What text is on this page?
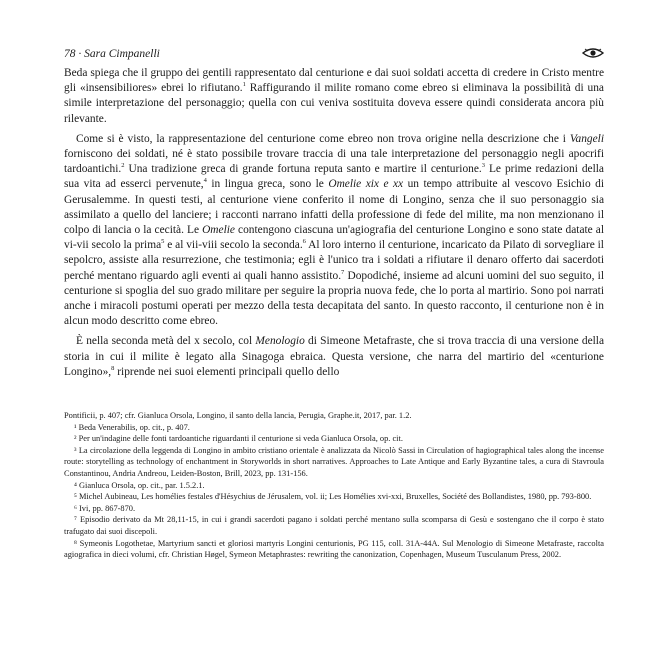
78 · Sara Cimpanelli

Beda spiega che il gruppo dei gentili rappresentato dal centurione e dai suoi soldati accetta di credere in Cristo mentre gli «insensibiliores» ebrei lo rifiutano.$^1$ Raffigurando il milite romano come ebreo si eliminava la possibilità di una simile interpretazione del personaggio; quella con cui veniva sostituita doveva essere quindi considerata ancora più rilevante.

Come si è visto, la rappresentazione del centurione come ebreo non trova origine nella descrizione che i Vangeli forniscono dei soldati, né è stato possibile trovare traccia di una tale interpretazione del personaggio negli apocrifi tardoantichi.$^2$ Una tradizione greca di grande fortuna reputa santo e martire il centurione.$^3$ Le prime redazioni della sua vita ad esserci pervenute,$^4$ in lingua greca, sono le Omelie xix e xx un tempo attribuite al vescovo Esichio di Gerusalemme. In questi testi, al centurione viene conferito il nome di Longino, senza che il suo personaggio sia assimilato a quello del lanciere; i racconti narrano infatti della professione di fede del milite, ma non menzionano il colpo di lancia o la cecità. Le Omelie contengono ciascuna un'agiografia del centurione Longino e sono state datate al vi-vii secolo la prima$^5$ e al vii-viii secolo la seconda.$^6$ Al loro interno il centurione, incaricato da Pilato di sorvegliare il sepolcro, assiste alla resurrezione, che testimonia; egli è l'unico tra i soldati a rifiutare il denaro offerto dai sacerdoti perché mentano riguardo agli eventi ai quali hanno assistito.$^7$ Dopodiché, insieme ad alcuni uomini del suo seguito, il centurione si spoglia del suo grado militare per seguire la propria nuova fede, che lo porta al martirio. Sono poi narrati anche i miracoli postumi operati per mezzo della testa decapitata del santo. In questo racconto, il centurione non è in alcun modo descritto come ebreo.

È nella seconda metà del x secolo, col Menologio di Simeone Metafraste, che si trova traccia di una versione della storia in cui il milite è legato alla Sinagoga ebraica. Questa versione, che narra del martirio del «centurione Longino»,$^8$ riprende nei suoi elementi principali quello dello

Pontificii, p. 407; cfr. Gianluca Orsola, Longino, il santo della lancia, Perugia, Graphe.it, 2017, par. 1.2.

¹ Beda Venerabilis, op. cit., p. 407.

² Per un'indagine delle fonti tardoantiche riguardanti il centurione si veda Gianluca Orsola, op. cit.

³ La circolazione della leggenda di Longino in ambito cristiano orientale è analizzata da Nicolò Sassi in Circulation of hagiographical tales along the incense route: storytelling as technology of enchantment in Storyworlds in short narratives. Approaches to Late Antique and Early Byzantine tales, a cura di Stavroula Constantinou, Andria Andreou, Leiden-Boston, Brill, 2023, pp. 131-156.

⁴ Gianluca Orsola, op. cit., par. 1.5.2.1.

⁵ Michel Aubineau, Les homélies festales d'Hésychius de Jérusalem, vol. ii; Les Homélies xvi-xxi, Bruxelles, Société des Bollandistes, 1980, pp. 793-800.

⁶ Ivi, pp. 867-870.

⁷ Episodio derivato da Mt 28,11-15, in cui i grandi sacerdoti pagano i soldati perché mentano sulla scomparsa di Gesù e sostengano che il corpo è stato trafugato dai suoi discepoli.

⁸ Symeonis Logothetae, Martyrium sancti et gloriosi martyris Longini centurionis, PG 115, coll. 31A-44A. Sul Menologio di Simeone Metafraste, raccolta agiografica in dieci volumi, cfr. Christian Høgel, Symeon Metaphrastes: rewriting the canonization, Copenhagen, Museum Tusculanum Press, 2002.
